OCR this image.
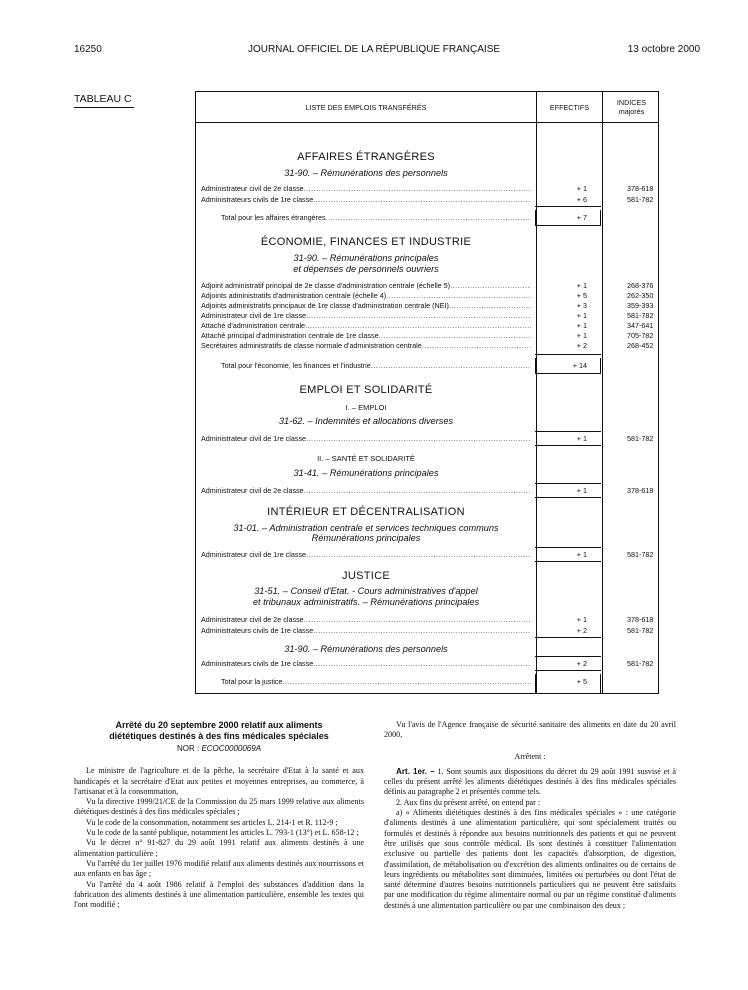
16250	JOURNAL OFFICIEL DE LA RÉPUBLIQUE FRANÇAISE	13 octobre 2000
TABLEAU C
LISTE DES EMPLOIS TRANSFÉRÉS	EFFECTIFS
INDICES
majorés
AFFAIRES ÉTRANGÈRES
31-90. – Rémunérations des personnels
Administrateur civil de 2e classe .....	+ 1	378-618
Administrateurs civils de 1re classe .....	+ 6	581-782
Total pour les affaires étrangères .....	+ 7
ÉCONOMIE, FINANCES ET INDUSTRIE
31-90. – Rémunérations principales
et dépenses de personnels ouvriers
Adjoint administratif principal de 2e classe d'administration centrale (échelle 5) .....	+ 1	268-376
Adjoints administratifs d'administration centrale (échelle 4) .....	+ 5	262-350
Adjoints administratifs principaux de 1re classe d'administration centrale (NEI) .....	+ 3	359-393
Administrateur civil de 1re classe .....	+ 1	581-782
Attaché d'administration centrale .....	+ 1	347-641
Attaché principal d'administration centrale de 1re classe .....	+ 1	705-782
Secrétaires administratifs de classe normale d'administration centrale .....	+ 2	268-452
Total pour l'économie, les finances et l'industrie .....	+ 14
EMPLOI ET SOLIDARITÉ
I. – EMPLOI
31-62. – Indemnités et allocations diverses
Administrateur civil de 1re classe .....	+ 1	581-782
II. – SANTÉ ET SOLIDARITÉ
31-41. – Rémunérations principales
Administrateur civil de 2e classe .....	+ 1	378-618
INTÉRIEUR ET DÉCENTRALISATION
31-01. – Administration centrale et services techniques communs
Rémunérations principales
Administrateur civil de 1re classe .....	+ 1	581-782
JUSTICE
31-51. – Conseil d'Etat. - Cours administratives d'appel
et tribunaux administratifs. – Rémunérations principales
Administrateur civil de 2e classe .....	+ 1	378-618
Administrateurs civils de 1re classe .....	+ 2	581-782
31-90. – Rémunérations des personnels
Administrateurs civils de 1re classe .....	+ 2	581-782
Total pour la justice .....	+ 5
Arrêté du 20 septembre 2000 relatif aux aliments
diététiques destinés à des fins médicales spéciales
NOR : ECOC0000069A

Le ministre de l'agriculture et de la pêche, la secrétaire d'Etat à la santé et aux handicapés et la secrétaire d'Etat aux petites et moyennes entreprises, au commerce, à l'artisanat et à la consommation,

Vu la directive 1999/21/CE de la Commission du 25 mars 1999 relative aux aliments diététiques destinés à des fins médicales spéciales ;

Vu le code de la consommation, notamment ses articles L. 214-1 et R. 112-9 ;

Vu le code de la santé publique, notamment les articles L. 793-1 (13°) et L. 658-12 ;

Vu le décret n° 91-827 du 29 août 1991 relatif aux aliments destinés à une alimentation particulière ;

Vu l'arrêté du 1er juillet 1976 modifié relatif aux aliments destinés aux nourrissons et aux enfants en bas âge ;

Vu l'arrêté du 4 août 1986 relatif à l'emploi des substances d'addition dans la fabrication des aliments destinés à une alimentation particulière, ensemble les textes qui l'ont modifié ;

Vu l'avis de l'Agence française de sécurité sanitaire des aliments en date du 20 avril 2000,

Arrêtent :

Art. 1er. – 1. Sont soumis aux dispositions du décret du 29 août 1991 susvisé et à celles du présent arrêté les aliments diététiques destinés à des fins médicales spéciales définis au paragraphe 2 et présentés comme tels.

2. Aux fins du présent arrêté, on entend par :

a) « Aliments diététiques destinés à des fins médicales spéciales » : une catégorie d'aliments destinés à une alimentation particulière, qui sont spécialement traités ou formulés et destinés à répondre aux besoins nutritionnels des patients et qui ne peuvent être utilisés que sous contrôle médical. Ils sont destinés à constituer l'alimentation exclusive ou partielle des patients dont les capacités d'absorption, de digestion, d'assimilation, de métabolisation ou d'excrétion des aliments ordinaires ou de certains de leurs ingrédients ou métabolites sont diminuées, limitées ou perturbées ou dont l'état de santé détermine d'autres besoins nutritionnels particuliers qui ne peuvent être satisfaits par une modification du régime alimentaire normal ou par un régime constitué d'aliments destinés à une alimentation particulière ou par une combinaison des deux ;
